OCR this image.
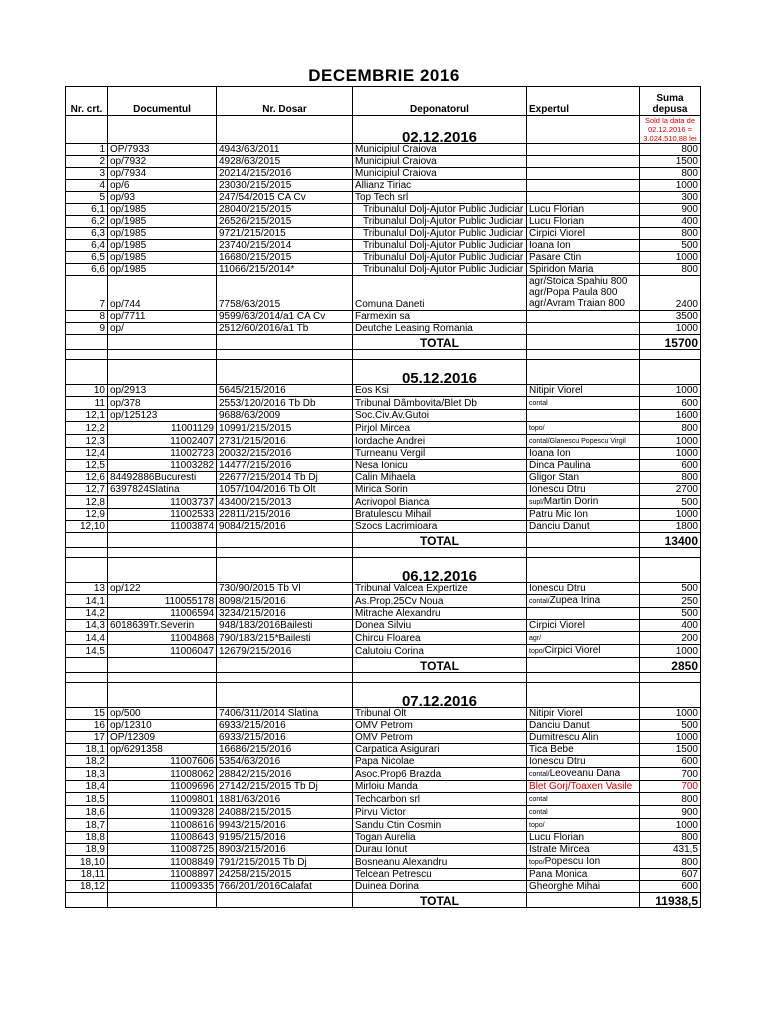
DECEMBRIE 2016
Nr. crt.	Documentul	Nr. Dosar	Deponatorul	Expertul	Suma depusa
			02.12.2016		Sold la data de 02.12.2016 = 3.024.510,88 lei
1	OP/7933	4943/63/2011	Municipiul Craiova		800
2	op/7932	4928/63/2015	Municipiul Craiova		1500
3	op/7934	20214/215/2016	Municipiul Craiova		800
4	op/6	23030/215/2015	Allianz Tiriac		1000
5	op/93	247/54/2015 CA Cv	Top Tech srl		300
6,1	op/1985	28040/215/2015	Tribunalul Dolj-Ajutor Public Judiciar	Lucu Florian	900
6,2	op/1985	26526/215/2015	Tribunalul Dolj-Ajutor Public Judiciar	Lucu Florian	400
6,3	op/1985	9721/215/2015	Tribunalul Dolj-Ajutor Public Judiciar	Cirpici Viorel	800
6,4	op/1985	23740/215/2014	Tribunalul Dolj-Ajutor Public Judiciar	Ioana Ion	500
6,5	op/1985	16680/215/2015	Tribunalul Dolj-Ajutor Public Judiciar	Pasare Ctin	1000
6,6	op/1985	11066/215/2014*	Tribunalul Dolj-Ajutor Public Judiciar	Spiridon Maria	800
7	op/744	7758/63/2015	Comuna Daneti	agr/Stoica Spahiu 800
agr/Popa Paula 800
agr/Avram Traian 800	2400
8	op/7711	9599/63/2014/a1 CA Cv	Farmexin sa		3500
9	op/	2512/60/2016/a1 Tb	Deutche Leasing Romania		1000
			TOTAL		15700

			05.12.2016		
10	op/2913	5645/215/2016	Eos Ksi	Nitipir Viorel	1000
11	op/378	2553/120/2016 Tb Db	Tribunal Dâmbovita/Blet Db	contal	600
12,1	op/125123	9688/63/2009	Soc.Civ.Av.Gutoi		1600
12,2	11001129	10991/215/2015	Pirjol Mircea	topo/	800
12,3	11002407	2731/215/2016	Iordache Andrei	contal/Glanescu Popescu Virgil	1000
12,4	11002723	20032/215/2016	Turneanu Vergil	Ioana Ion	1000
12,5	11003282	14477/215/2016	Nesa Ionicu	Dinca Paulina	600
12,6	84492886Bucuresti	22677/215/2014 Tb Dj	Calin Mihaela	Gligor Stan	800
12,7	6397824Slatina	1057/104/2016 Tb Olt	Mirica Sorin	Ionescu Dtru	2700
12,8	11003737	43400/215/2013	Acrivopol Bianca	supl/Martin Dorin	500
12,9	11002533	22811/215/2016	Bratulescu Mihail	Patru Mic Ion	1000
12,10	11003874	9084/215/2016	Szocs Lacrimioara	Danciu Danut	1800
			TOTAL		13400

			06.12.2016		
13	op/122	730/90/2015 Tb Vl	Tribunal Valcea Expertize	Ionescu Dtru	500
14,1	110055178	8098/215/2016	As.Prop.25Cv Noua	contal/Zupea Irina	250
14,2	11006594	3234/215/2016	Mitrache Alexandru		500
14,3	6018639Tr.Severin	948/183/2016Bailesti	Donea Silviu	Cirpici Viorel	400
14,4	11004868	790/183/215*Bailesti	Chircu Floarea	agr/	200
14,5	11006047	12679/215/2016	Calutoiu Corina	topo/Cirpici Viorel	1000
			TOTAL		2850

			07.12.2016		
15	op/500	7406/311/2014 Slatina	Tribunal Olt	Nitipir Viorel	1000
16	op/12310	6933/215/2016	OMV Petrom	Danciu Danut	500
17	OP/12309	6933/215/2016	OMV Petrom	Dumitrescu Alin	1000
18,1	op/6291358	16686/215/2016	Carpatica Asigurari	Tica Bebe	1500
18,2	11007606	5354/63/2016	Papa Nicolae	Ionescu Dtru	600
18,3	11008062	28842/215/2016	Asoc.Prop6 Brazda	contal/Leoveanu Dana	700
18,4	11009696	27142/215/2015 Tb Dj	Mirloiu Manda	Blet Gorj/Toaxen Vasile	700
18,5	11009801	1881/63/2016	Techcarbon srl	contal	800
18,6	11009328	24088/215/2015	Pirvu Victor	contal	900
18,7	11008616	9943/215/2016	Sandu Ctin Cosmin	topo/	1000
18,8	11008643	9195/215/2016	Togan Aurelia	Lucu Florian	800
18,9	11008725	8903/215/2016	Durau Ionut	Istrate Mircea	431,5
18,10	11008849	791/215/2015 Tb Dj	Bosneanu Alexandru	topo/Popescu Ion	800
18,11	11008897	24258/215/2015	Telcean Petrescu	Pana Monica	607
18,12	11009335	766/201/2016Calafat	Duinea Dorina	Gheorghe Mihai	600
			TOTAL		11938,5
